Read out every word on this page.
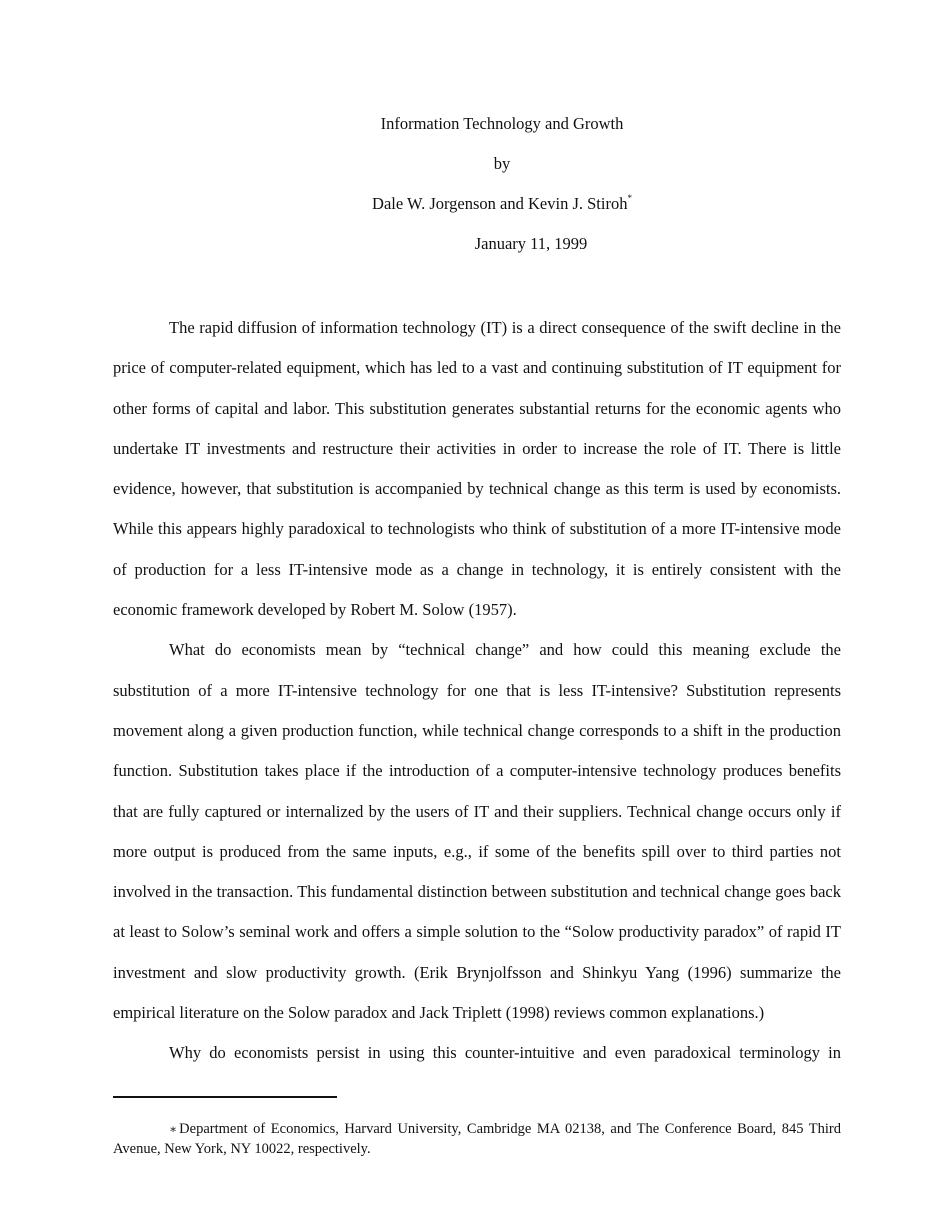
Information Technology and Growth

by

Dale W. Jorgenson and Kevin J. Stiroh*

January 11, 1999

The rapid diffusion of information technology (IT) is a direct consequence of the swift decline in the price of computer-related equipment, which has led to a vast and continuing substitution of IT equipment for other forms of capital and labor. This substitution generates substantial returns for the economic agents who undertake IT investments and restructure their activities in order to increase the role of IT. There is little evidence, however, that substitution is accompanied by technical change as this term is used by economists. While this appears highly paradoxical to technologists who think of substitution of a more IT-intensive mode of production for a less IT-intensive mode as a change in technology, it is entirely consistent with the economic framework developed by Robert M. Solow (1957).

What do economists mean by “technical change” and how could this meaning exclude the substitution of a more IT-intensive technology for one that is less IT-intensive? Substitution represents movement along a given production function, while technical change corresponds to a shift in the production function. Substitution takes place if the introduction of a computer-intensive technology produces benefits that are fully captured or internalized by the users of IT and their suppliers. Technical change occurs only if more output is produced from the same inputs, e.g., if some of the benefits spill over to third parties not involved in the transaction. This fundamental distinction between substitution and technical change goes back at least to Solow’s seminal work and offers a simple solution to the “Solow productivity paradox” of rapid IT investment and slow productivity growth. (Erik Brynjolfsson and Shinkyu Yang (1996) summarize the empirical literature on the Solow paradox and Jack Triplett (1998) reviews common explanations.)

Why do economists persist in using this counter-intuitive and even paradoxical terminology in

∗ Department of Economics, Harvard University, Cambridge MA 02138, and The Conference Board, 845 Third Avenue, New York, NY 10022, respectively.
